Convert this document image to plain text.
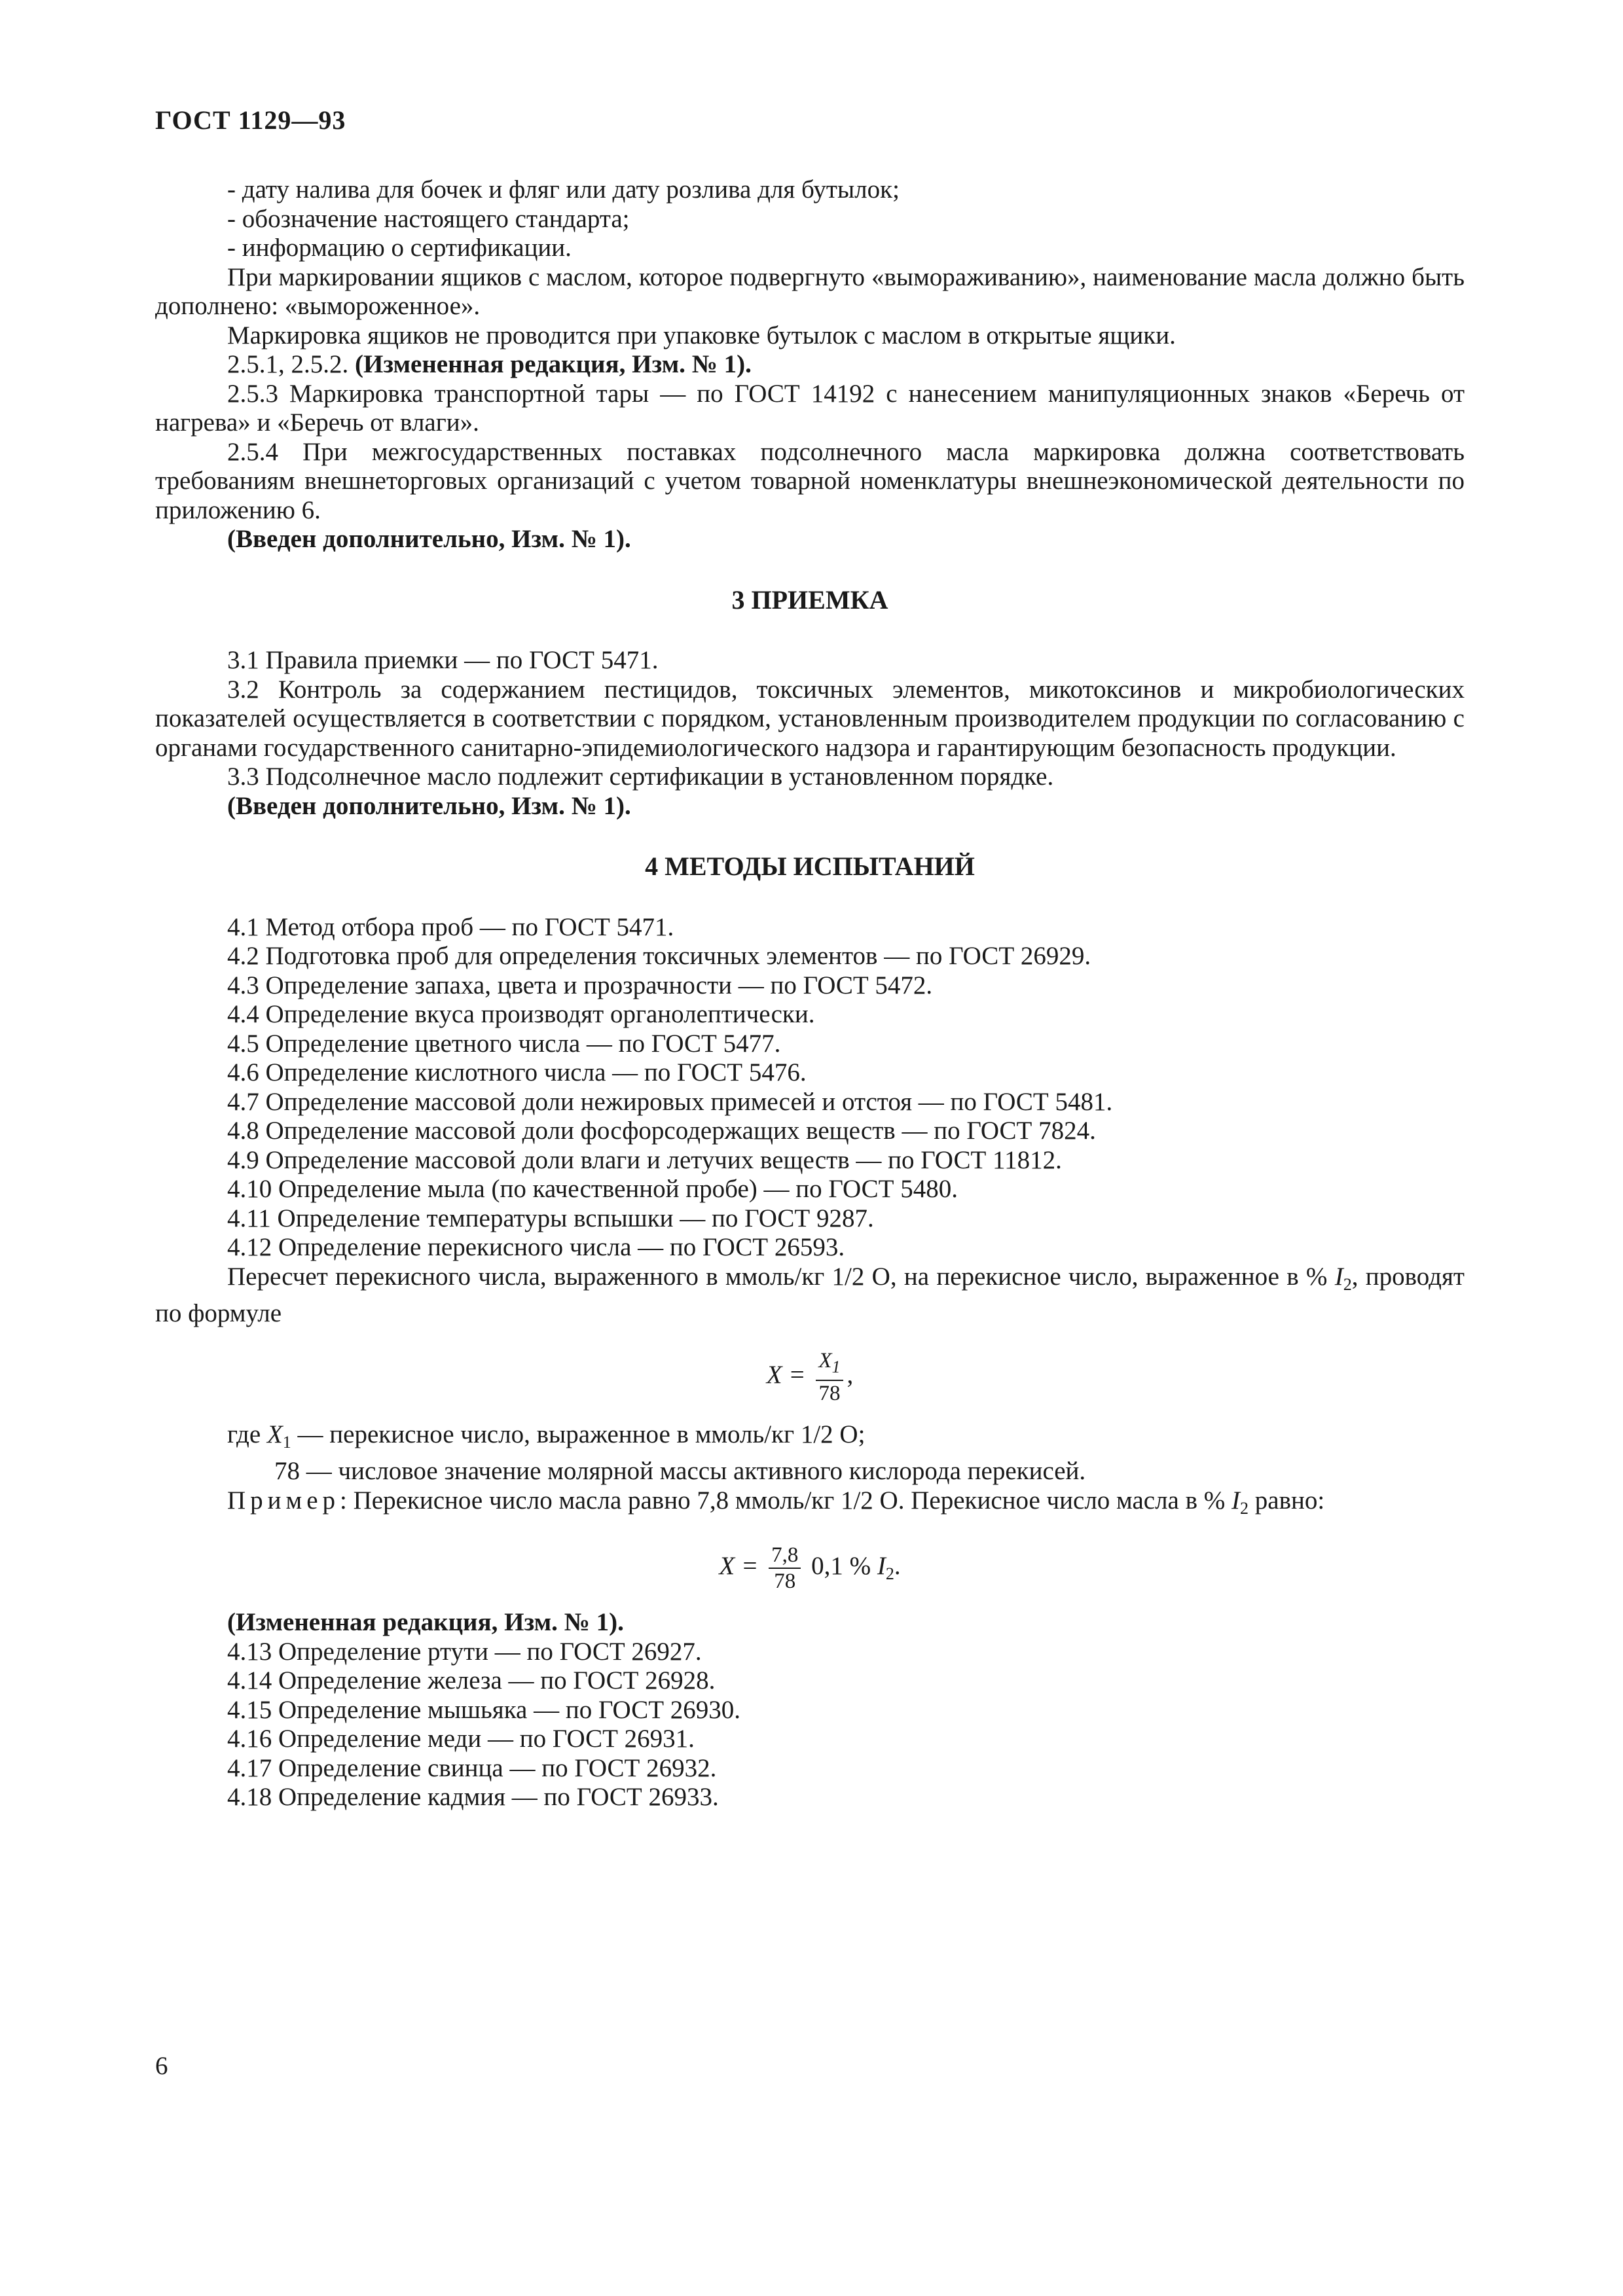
ГОСТ 1129—93

- дату налива для бочек и фляг или дату розлива для бутылок;

- обозначение настоящего стандарта;

- информацию о сертификации.

При маркировании ящиков с маслом, которое подвергнуто «вымораживанию», наименование масла должно быть дополнено: «вымороженное».

Маркировка ящиков не проводится при упаковке бутылок с маслом в открытые ящики.

2.5.1, 2.5.2. (Измененная редакция, Изм. № 1).

2.5.3 Маркировка транспортной тары — по ГОСТ 14192 с нанесением манипуляционных знаков «Беречь от нагрева» и «Беречь от влаги».

2.5.4 При межгосударственных поставках подсолнечного масла маркировка должна соответствовать требованиям внешнеторговых организаций с учетом товарной номенклатуры внешнеэкономической деятельности по приложению 6.

(Введен дополнительно, Изм. № 1).

3 ПРИЕМКА

3.1 Правила приемки — по ГОСТ 5471.

3.2 Контроль за содержанием пестицидов, токсичных элементов, микотоксинов и микробиологических показателей осуществляется в соответствии с порядком, установленным производителем продукции по согласованию с органами государственного санитарно-эпидемиологического надзора и гарантирующим безопасность продукции.

3.3 Подсолнечное масло подлежит сертификации в установленном порядке.

(Введен дополнительно, Изм. № 1).

4 МЕТОДЫ ИСПЫТАНИЙ

4.1 Метод отбора проб — по ГОСТ 5471.

4.2 Подготовка проб для определения токсичных элементов — по ГОСТ 26929.

4.3 Определение запаха, цвета и прозрачности — по ГОСТ 5472.

4.4 Определение вкуса производят органолептически.

4.5 Определение цветного числа — по ГОСТ 5477.

4.6 Определение кислотного числа — по ГОСТ 5476.

4.7 Определение массовой доли нежировых примесей и отстоя — по ГОСТ 5481.

4.8 Определение массовой доли фосфорсодержащих веществ — по ГОСТ 7824.

4.9 Определение массовой доли влаги и летучих веществ — по ГОСТ 11812.

4.10 Определение мыла (по качественной пробе) — по ГОСТ 5480.

4.11 Определение температуры вспышки — по ГОСТ 9287.

4.12 Определение перекисного числа — по ГОСТ 26593.

Пересчет перекисного числа, выраженного в ммоль/кг 1/2 О, на перекисное число, выраженное в % $I_2$, проводят по формуле

$X = \frac{X_1}{78}$ ,

где $X_1$ — перекисное число, выраженное в ммоль/кг 1/2 О;

78 — числовое значение молярной массы активного кислорода перекисей.

Пример: Перекисное число масла равно 7,8 ммоль/кг 1/2 О. Перекисное число масла в % $I_2$ равно:

$X = \frac{7,8}{78} 0,1$ % $I_2$.

(Измененная редакция, Изм. № 1).

4.13 Определение ртути — по ГОСТ 26927.

4.14 Определение железа — по ГОСТ 26928.

4.15 Определение мышьяка — по ГОСТ 26930.

4.16 Определение меди — по ГОСТ 26931.

4.17 Определение свинца — по ГОСТ 26932.

4.18 Определение кадмия — по ГОСТ 26933.

6
